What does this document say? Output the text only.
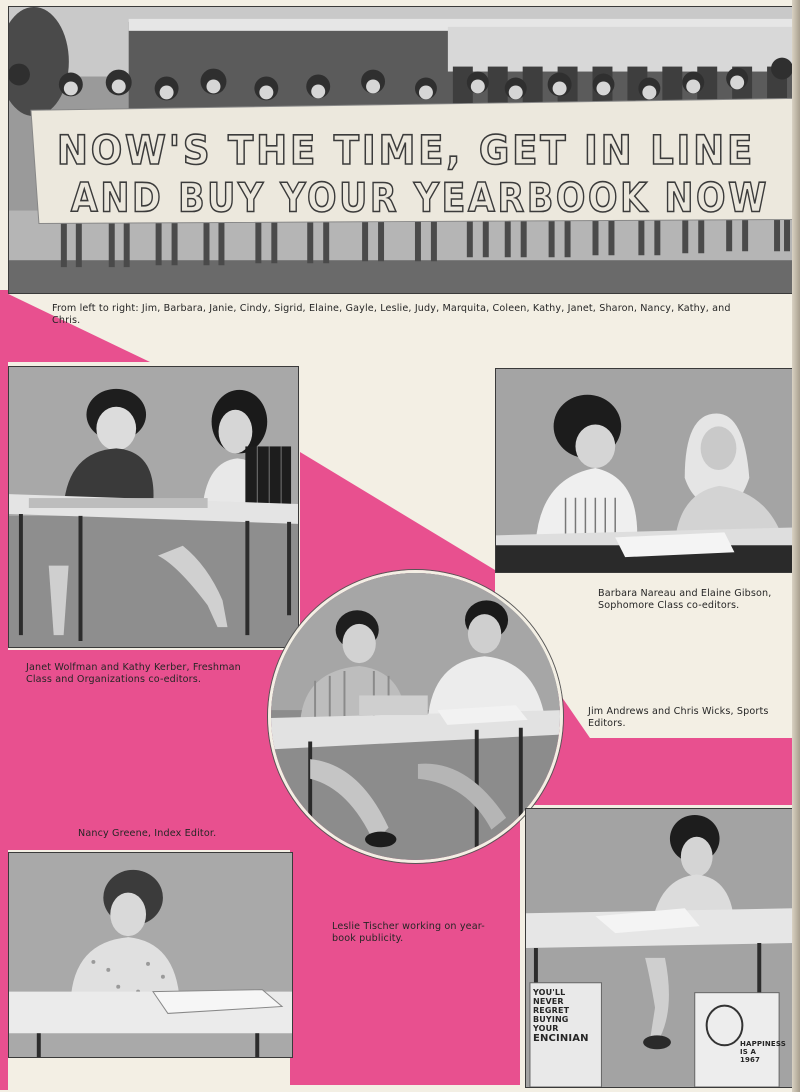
NOW'S THE TIME, GET IN LINE
AND BUY YOUR YEARBOOK NOW
From left to right: Jim, Barbara, Janie, Cindy, Sigrid, Elaine, Gayle, Leslie, Judy, Marquita, Coleen, Kathy, Janet, Sharon, Nancy, Kathy, and Chris.
Janet Wolfman and Kathy Kerber, Freshman Class and Organizations co-editors.
Barbara Nareau and Elaine Gibson, Sophomore Class co-editors.
Jim Andrews and Chris Wicks, Sports Editors.
Nancy Greene, Index Editor.
Leslie Tischer working on year-book publicity.
YOU'LL
NEVER
REGRET
BUYING
YOUR
ENCINIAN	HAPPINESS
IS A
1967
